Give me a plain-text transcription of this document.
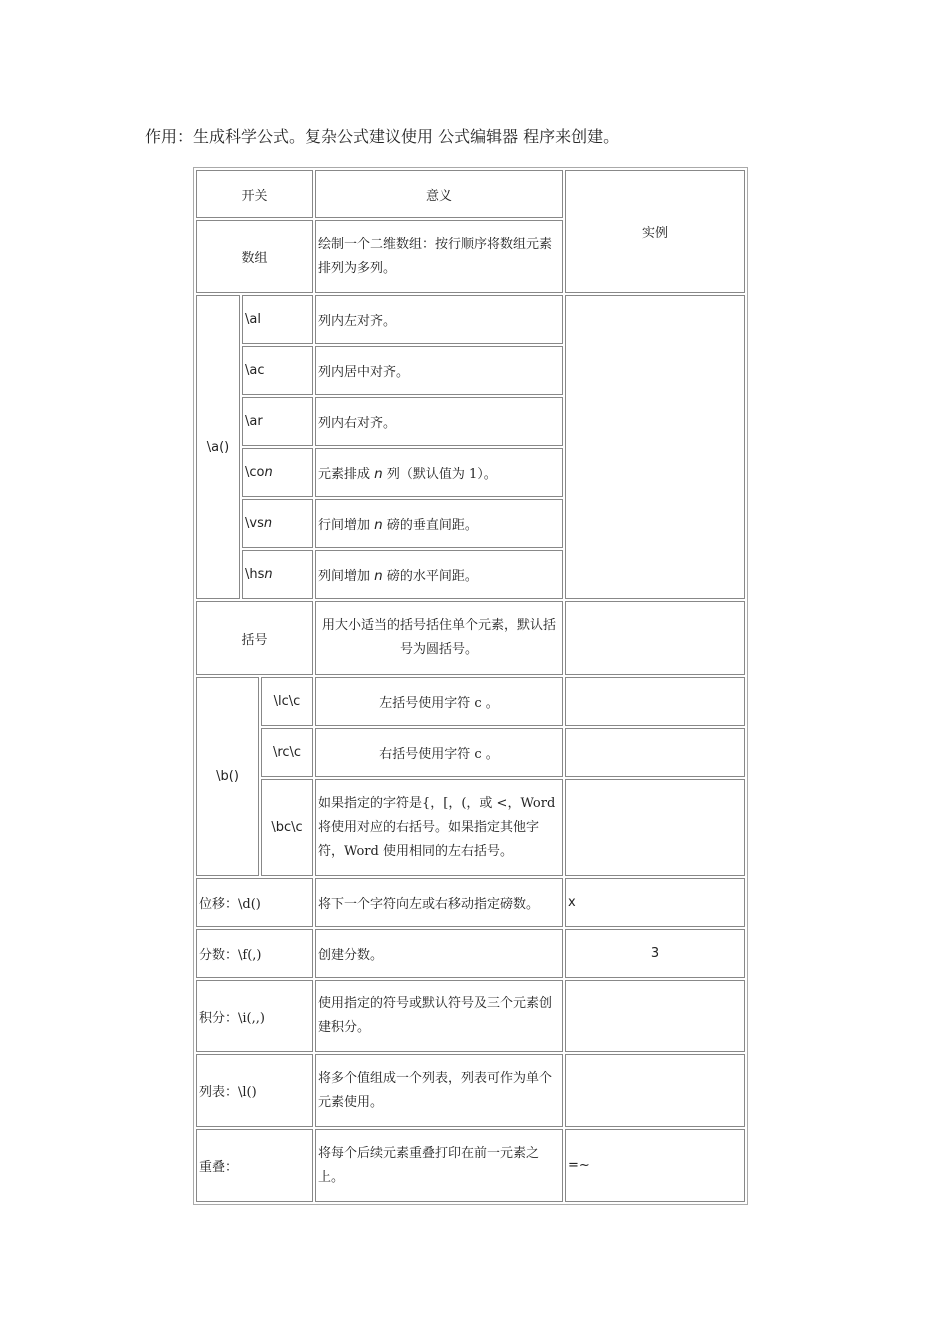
作用：生成科学公式。复杂公式建议使用 公式编辑器 程序来创建。
开关			意义	实例
数组			绘制一个二维数组：按行顺序将数组元素排列为多列。	
\a()	\al		列内左对齐。	
	\ac		列内居中对齐。	
	\ar		列内右对齐。	
	\con		元素排成 n 列（默认值为 1）。	
	\vsn		行间增加 n 磅的垂直间距。	
	\hsn		列间增加 n 磅的水平间距。	
括号			用大小适当的括号括住单个元素，默认括号为圆括号。	
\b()		\lc\c	左括号使用字符 c 。	
		\rc\c	右括号使用字符 c 。	
		\bc\c	如果指定的字符是{，[，(，或 <，Word 将使用对应的右括号。如果指定其他字符，Word 使用相同的左右括号。	
位移：\d()			将下一个字符向左或右移动指定磅数。	x
分数：\f(,)			创建分数。	3
积分：\i(,,)			使用指定的符号或默认符号及三个元素创建积分。	
列表：\l()			将多个值组成一个列表，列表可作为单个元素使用。	
重叠：			将每个后续元素重叠打印在前一元素之上。	=~
